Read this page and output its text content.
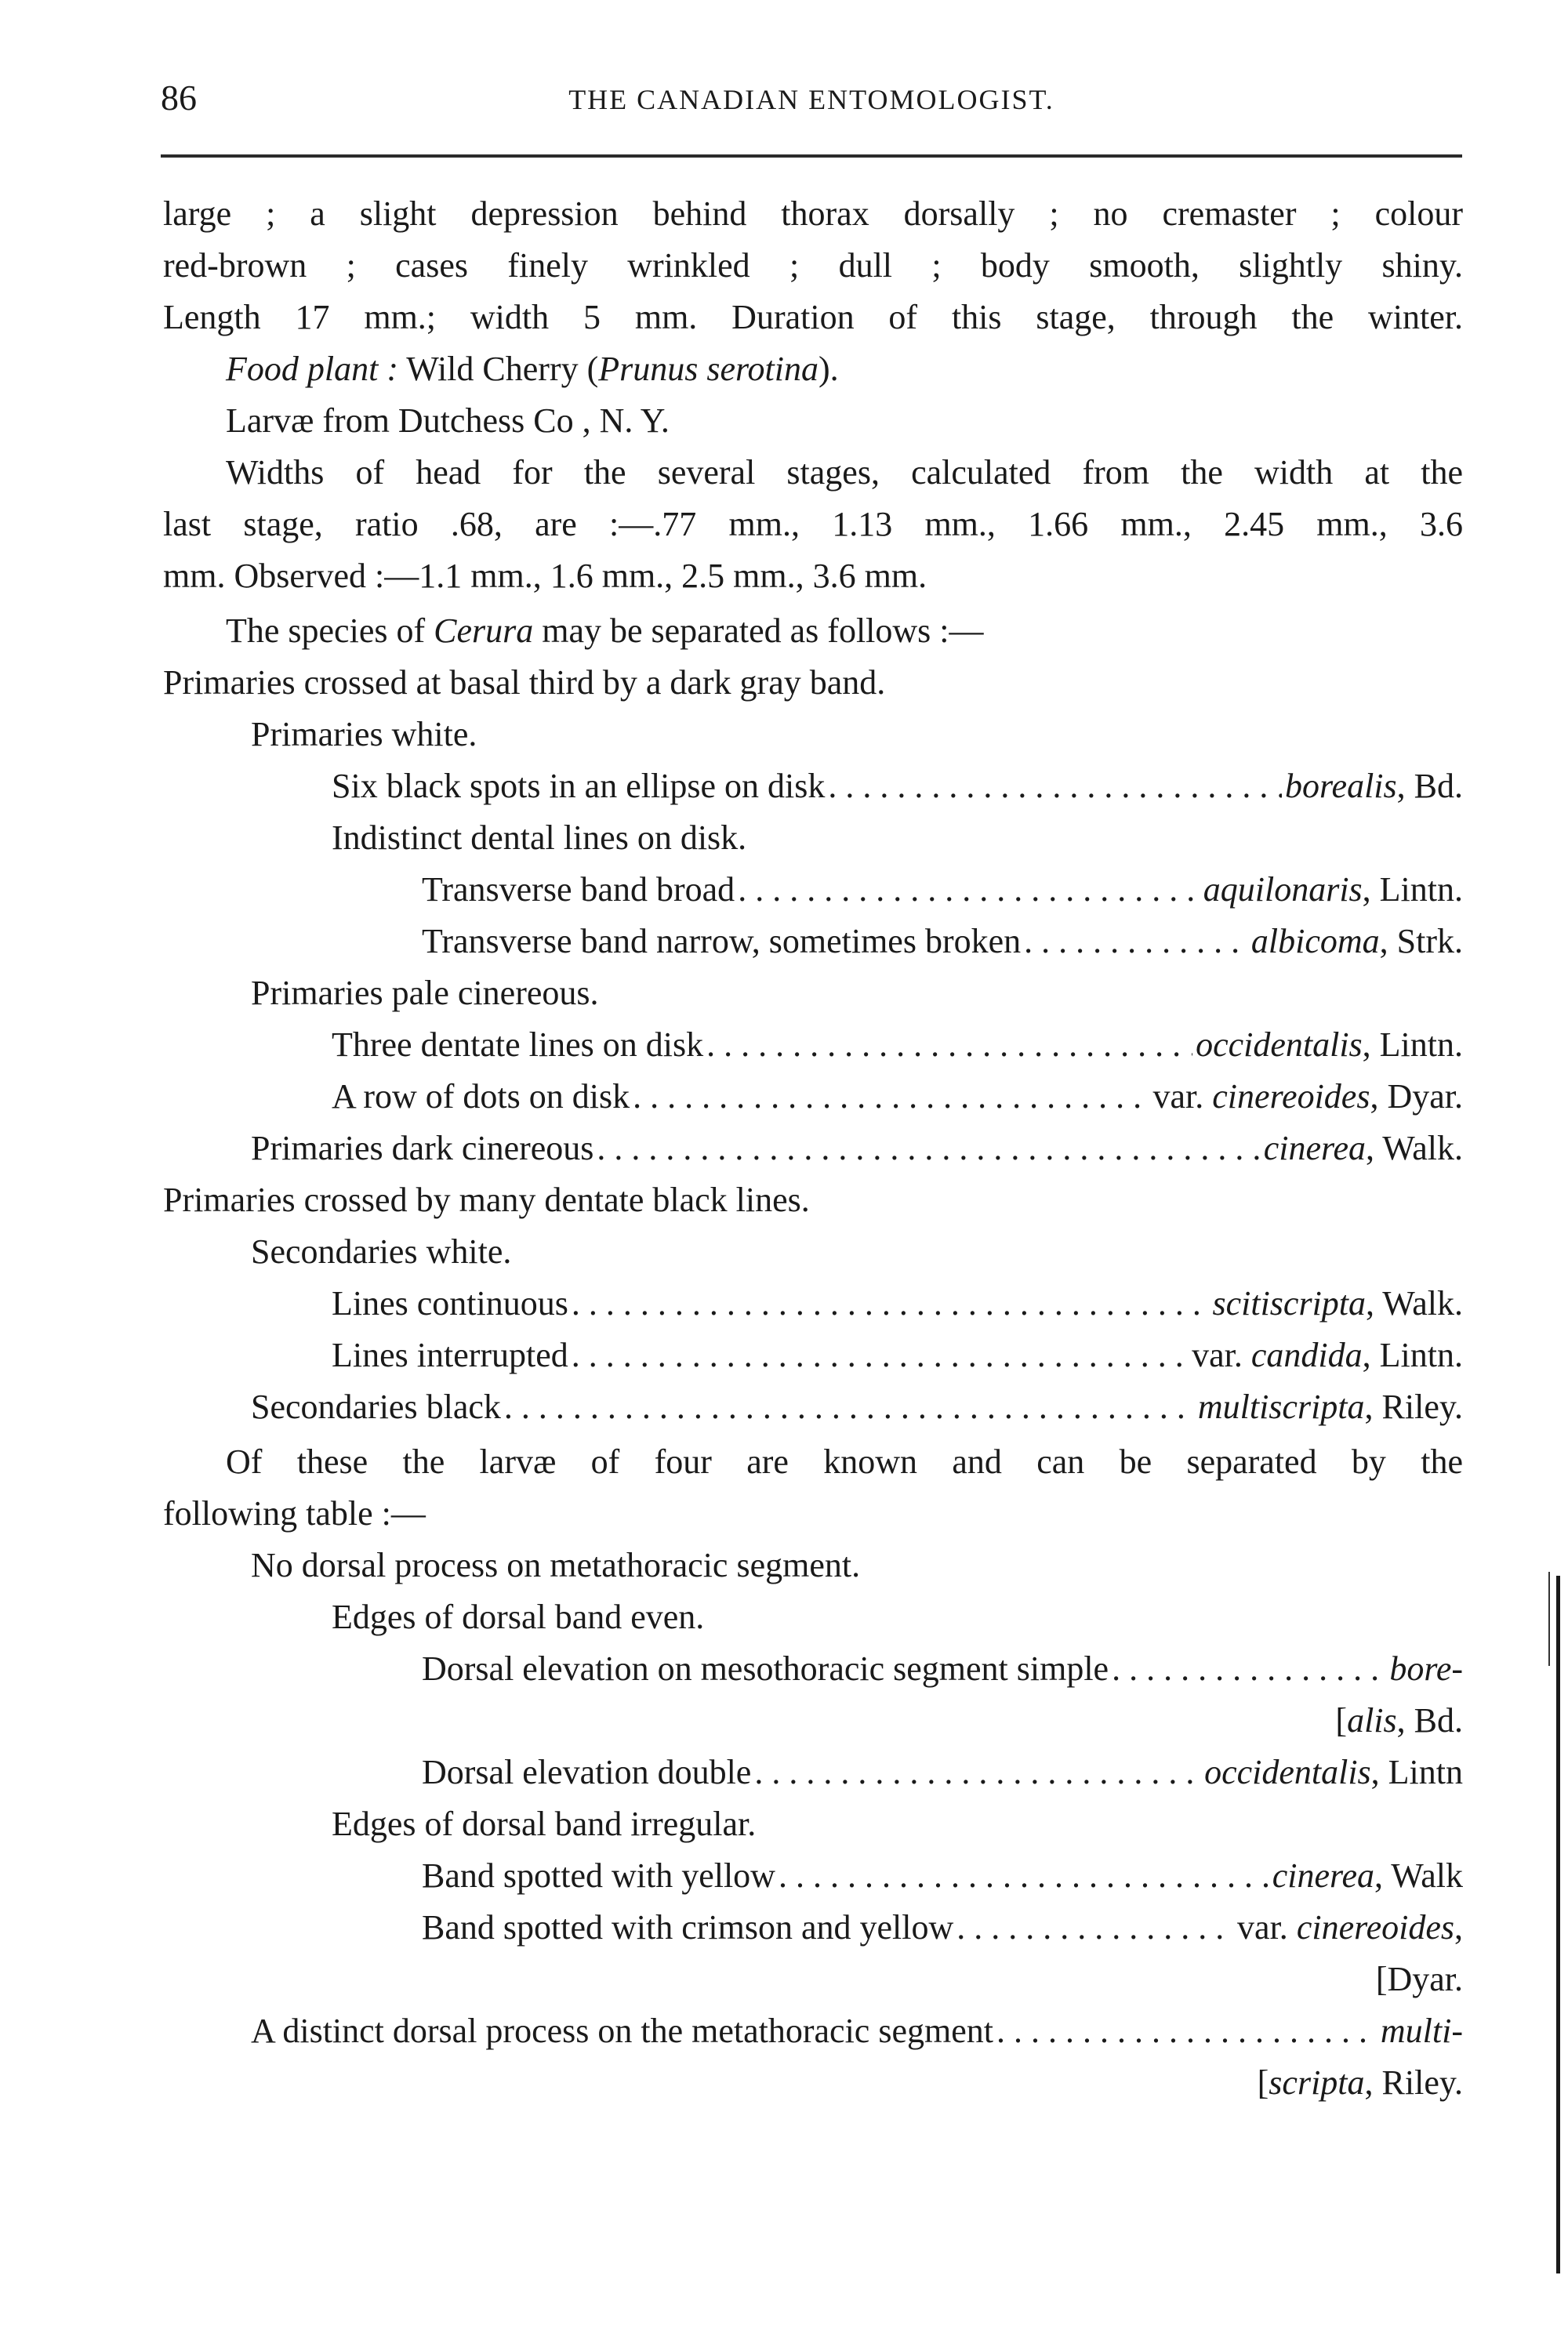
86	THE CANADIAN ENTOMOLOGIST.
large ; a slight depression behind thorax dorsally ; no cremaster ; colour
red-brown ; cases finely wrinkled ; dull ; body smooth, slightly shiny.
Length 17 mm.; width 5 mm. Duration of this stage, through the winter.
Food plant : Wild Cherry (Prunus serotina).
Larvæ from Dutchess Co , N. Y.
Widths of head for the several stages, calculated from the width at the
last stage, ratio .68, are :—.77 mm., 1.13 mm., 1.66 mm., 2.45 mm., 3.6
mm. Observed :—1.1 mm., 1.6 mm., 2.5 mm., 3.6 mm.
The species of Cerura may be separated as follows :—
Primaries crossed at basal third by a dark gray band.
Primaries white.
Six black spots in an ellipse on disk . . .	borealis, Bd.
Indistinct dental lines on disk.
Transverse band broad . . .	aquilonaris, Lintn.
Transverse band narrow, sometimes broken . . .	albicoma, Strk.
Primaries pale cinereous.
Three dentate lines on disk . . .	occidentalis, Lintn.
A row of dots on disk . . .	var. cinereoides, Dyar.
Primaries dark cinereous . . .	cinerea, Walk.
Primaries crossed by many dentate black lines.
Secondaries white.
Lines continuous . . .	scitiscripta, Walk.
Lines interrupted . . .	var. candida, Lintn.
Secondaries black . . .	multiscripta, Riley.
Of these the larvæ of four are known and can be separated by the
following table :—
No dorsal process on metathoracic segment.
Edges of dorsal band even.
Dorsal elevation on mesothoracic segment simple . . .	bore-
[alis, Bd.
Dorsal elevation double . . .	occidentalis, Lintn
Edges of dorsal band irregular.
Band spotted with yellow . . .	cinerea, Walk
Band spotted with crimson and yellow . . .	var. cinereoides,
[Dyar.
A distinct dorsal process on the metathoracic segment . . .	multi-
[scripta, Riley.
